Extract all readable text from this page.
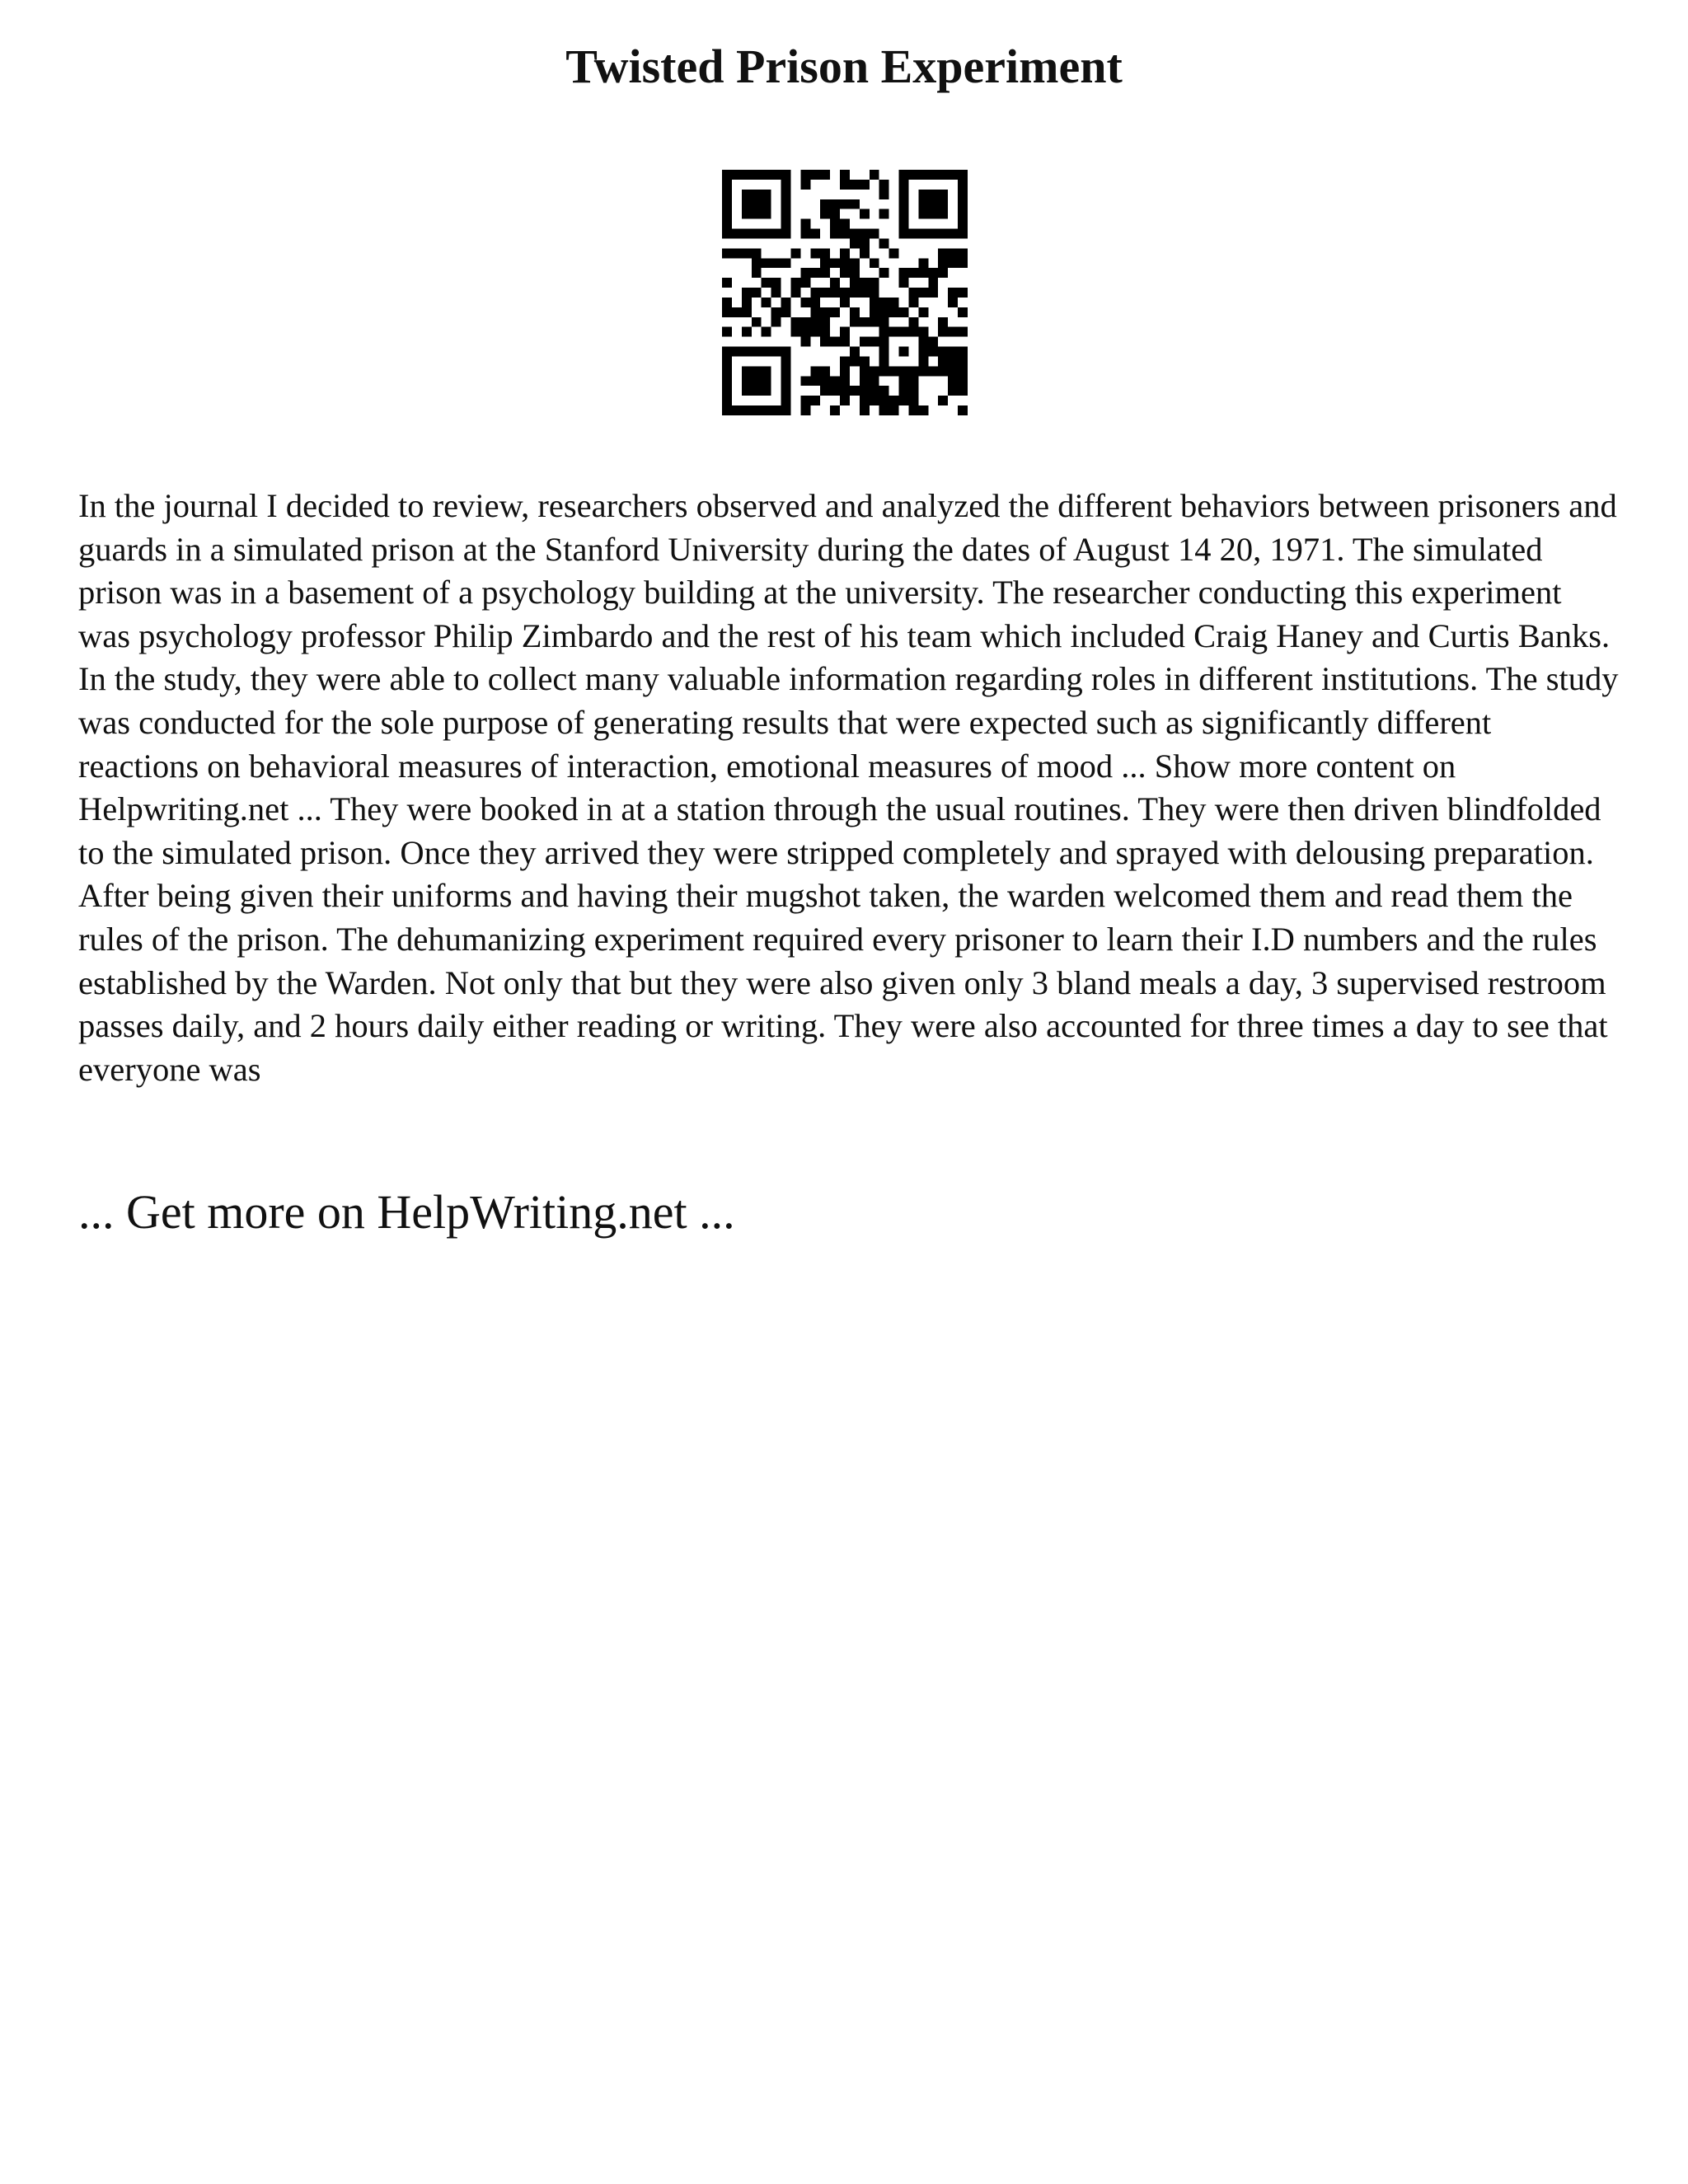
Twisted Prison Experiment

In the journal I decided to review, researchers observed and analyzed the different behaviors between prisoners and guards in a simulated prison at the Stanford University during the dates of August 14 20, 1971. The simulated prison was in a basement of a psychology building at the university. The researcher conducting this experiment was psychology professor Philip Zimbardo and the rest of his team which included Craig Haney and Curtis Banks. In the study, they were able to collect many valuable information regarding roles in different institutions. The study was conducted for the sole purpose of generating results that were expected such as significantly different reactions on behavioral measures of interaction, emotional measures of mood ... Show more content on Helpwriting.net ... They were booked in at a station through the usual routines. They were then driven blindfolded to the simulated prison. Once they arrived they were stripped completely and sprayed with delousing preparation. After being given their uniforms and having their mugshot taken, the warden welcomed them and read them the rules of the prison. The dehumanizing experiment required every prisoner to learn their I.D numbers and the rules established by the Warden. Not only that but they were also given only 3 bland meals a day, 3 supervised restroom passes daily, and 2 hours daily either reading or writing. They were also accounted for three times a day to see that everyone was

... Get more on HelpWriting.net ...
